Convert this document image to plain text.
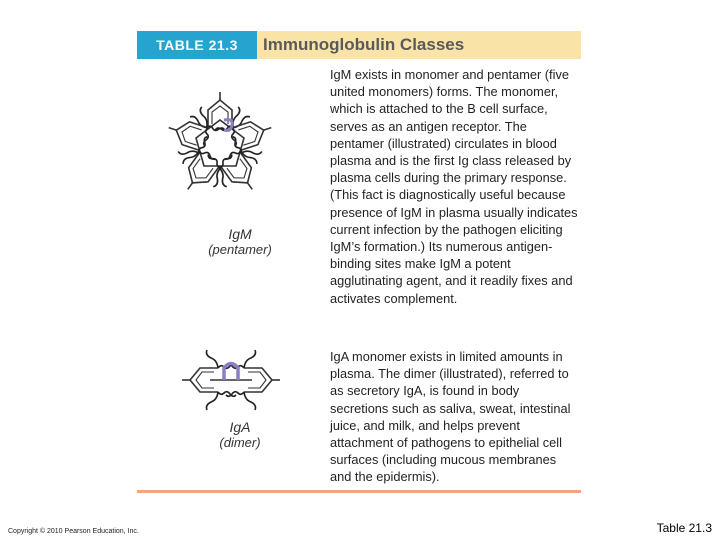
TABLE 21.3	Immunoglobulin Classes
IgM
(pentamer)
IgA
(dimer)
IgM exists in monomer and pentamer (five united monomers) forms. The monomer, which is attached to the B cell surface, serves as an antigen receptor. The pentamer (illustrated) circulates in blood plasma and is the first Ig class released by plasma cells during the primary response. (This fact is diagnostically useful because presence of IgM in plasma usually indicates current infection by the pathogen eliciting IgM’s formation.) Its numerous antigen-binding sites make IgM a potent agglutinating agent, and it readily fixes and activates complement.
IgA monomer exists in limited amounts in plasma. The dimer (illustrated), referred to as secretory IgA, is found in body secretions such as saliva, sweat, intestinal juice, and milk, and helps prevent attachment of pathogens to epithelial cell surfaces (including mucous membranes and the epidermis).
Copyright © 2010 Pearson Education, Inc.	Table 21.3
